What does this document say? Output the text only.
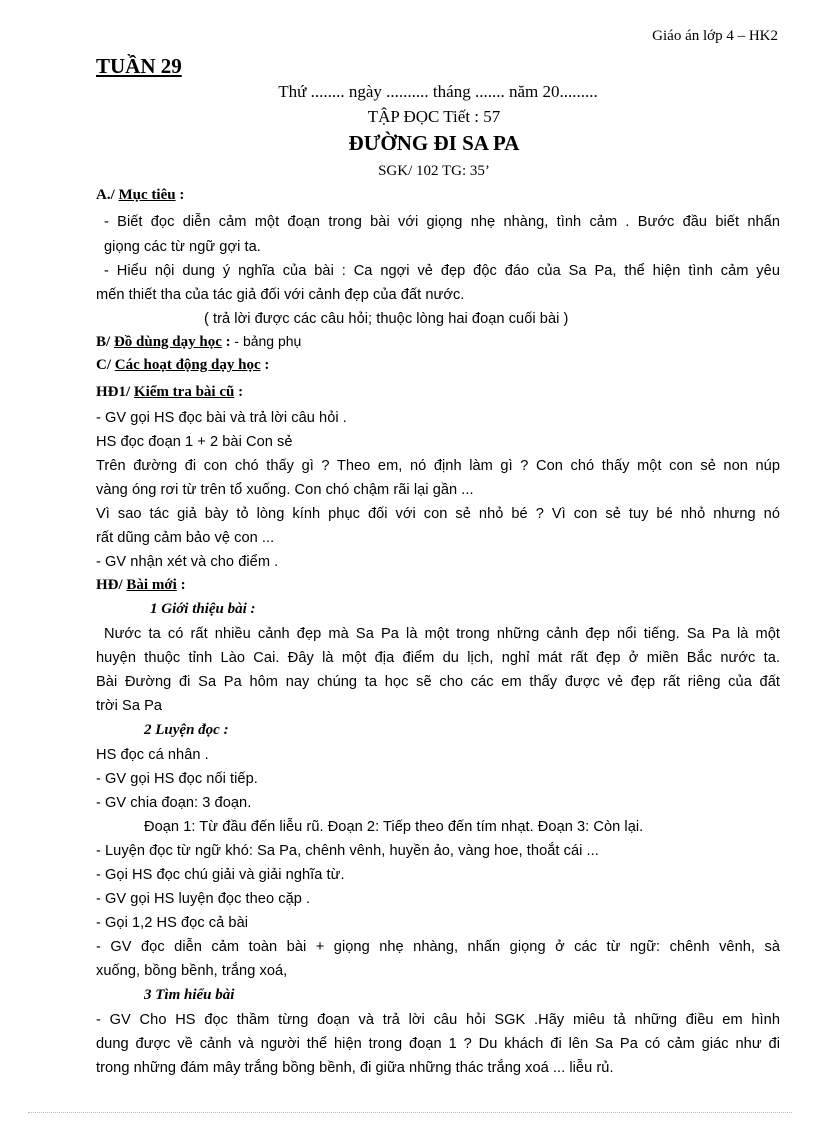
Giáo án lớp 4 – HK2
TUẦN 29
Thứ ........ ngày .......... tháng ....... năm 20.........
TẬP ĐỌC Tiết : 57
ĐƯỜNG ĐI SA PA
SGK/ 102 TG: 35’
A./ Mục tiêu :
- Biết đọc diễn cảm một đoạn trong bài với giọng nhẹ nhàng, tình cảm . Bước đầu biết nhấn
giọng các từ ngữ gợi ta.
- Hiểu nội dung ý nghĩa của bài : Ca ngợi vẻ đẹp độc đáo của Sa Pa, thể hiện tình cảm yêu
mến thiết tha của tác giả đối với cảnh đẹp của đất nước.
( trả lời được các câu hỏi; thuộc lòng hai đoạn cuối bài )
B/ Đồ dùng dạy học : - bảng phụ
C/ Các hoạt động dạy học :
HĐ1/ Kiểm tra bài cũ :
- GV gọi HS đọc bài và trả lời câu hỏi .
HS đọc đoạn 1 + 2 bài Con sẻ
Trên đường đi con chó thấy gì ? Theo em, nó định làm gì ? Con chó thấy một con sẻ non núp
vàng óng rơi từ trên tổ xuống. Con chó chậm rãi lại gần ...
Vì sao tác giả bày tỏ lòng kính phục đối với con sẻ nhỏ bé ? Vì con sẻ tuy bé nhỏ nhưng nó
rất dũng cảm bảo vệ con ...
- GV nhận xét và cho điểm .
HĐ/ Bài mới :
1 Giới thiệu bài :
Nước ta có rất nhiều cảnh đẹp mà Sa Pa là một trong những cảnh đẹp nổi tiếng. Sa Pa là một
huyện thuộc tỉnh Lào Cai. Đây là một địa điểm du lịch, nghỉ mát rất đẹp ở miền Bắc nước ta.
Bài Đường đi Sa Pa hôm nay chúng ta học sẽ cho các em thấy được vẻ đẹp rất riêng của đất
trời Sa Pa
2 Luyện đọc :
HS đọc cá nhân .
- GV gọi HS đọc nối tiếp.
- GV chia đoạn: 3 đoạn.
Đoạn 1: Từ đầu đến liễu rũ. Đoạn 2: Tiếp theo đến tím nhạt. Đoạn 3: Còn lại.
- Luyện đọc từ ngữ khó: Sa Pa, chênh vênh, huyền ảo, vàng hoe, thoắt cái ...
- Gọi HS đọc chú giải và giải nghĩa từ.
- GV gọi HS luyện đọc theo cặp .
- Gọi 1,2 HS đọc cả bài
- GV đọc diễn cảm toàn bài + giọng nhẹ nhàng, nhấn giọng ở các từ ngữ: chênh vênh, sà
xuống, bồng bềnh, trắng xoá,
3 Tìm hiểu bài
- GV Cho HS đọc thầm từng đoạn và trả lời câu hỏi SGK .Hãy miêu tả những điều em hình
dung được về cảnh và người thể hiện trong đoạn 1 ? Du khách đi lên Sa Pa có cảm giác như đi
trong những đám mây trắng bồng bềnh, đi giữa những thác trắng xoá ... liễu rủ.
